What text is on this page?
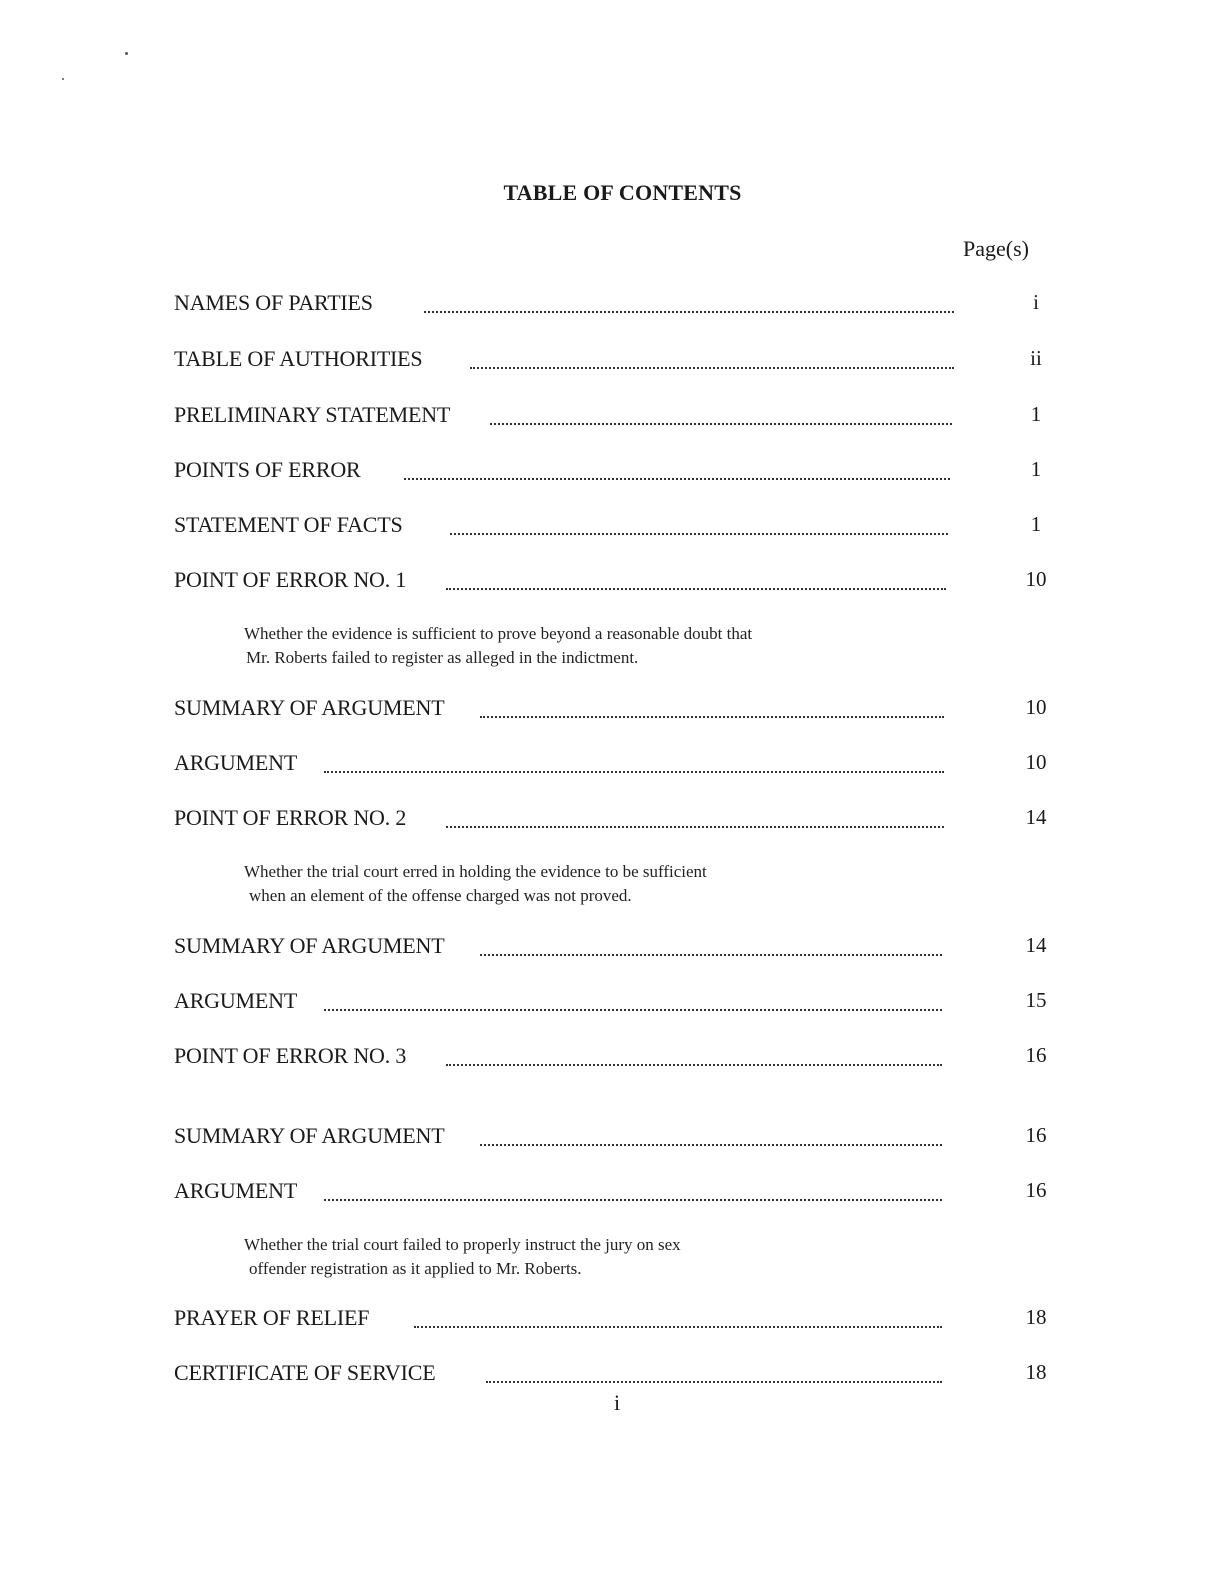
TABLE OF CONTENTS
Page(s)
NAMES OF PARTIES	i
TABLE OF AUTHORITIES	ii
PRELIMINARY STATEMENT	1
POINTS OF ERROR	1
STATEMENT OF FACTS	1
POINT OF ERROR NO. 1	10
Whether the evidence is sufficient to prove beyond a reasonable doubt that
Mr. Roberts failed to register as alleged in the indictment.
SUMMARY OF ARGUMENT	10
ARGUMENT	10
POINT OF ERROR NO. 2	14
Whether the trial court erred in holding the evidence to be sufficient
when an element of the offense charged was not proved.
SUMMARY OF ARGUMENT	14
ARGUMENT	15
POINT OF ERROR NO. 3	16
SUMMARY OF ARGUMENT	16
ARGUMENT	16
Whether the trial court failed to properly instruct the jury on sex
offender registration as it applied to Mr. Roberts.
PRAYER OF RELIEF	18
CERTIFICATE OF SERVICE	18
i
